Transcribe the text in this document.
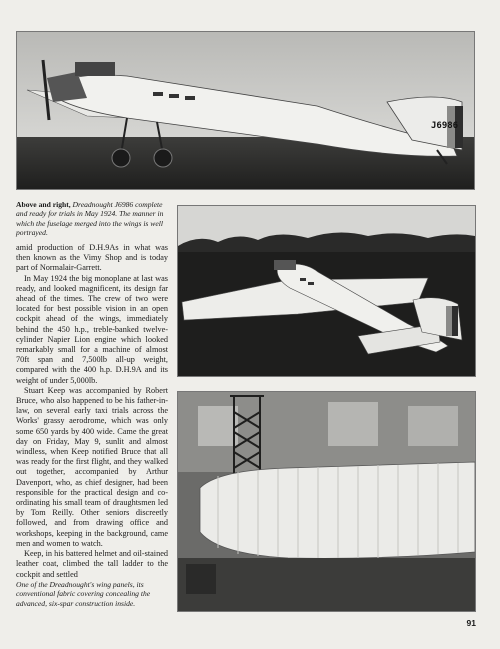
J6986
Above and right, Dreadnought J6986 complete and ready for trials in May 1924. The manner in which the fuselage merged into the wings is well portrayed.

amid production of D.H.9As in what was then known as the Vimy Shop and is today part of Normalair-Garrett.

In May 1924 the big monoplane at last was ready, and looked magnificent, its design far ahead of the times. The crew of two were located for best possible vision in an open cockpit ahead of the wings, immediately behind the 450 h.p., treble-banked twelve-cylinder Napier Lion engine which looked remarkably small for a machine of almost 70ft span and 7,500lb all-up weight, compared with the 400 h.p. D.H.9A and its weight of under 5,000lb.

Stuart Keep was accompanied by Robert Bruce, who also happened to be his father-in-law, on several early taxi trials across the Works' grassy aerodrome, which was only some 650 yards by 400 wide. Came the great day on Friday, May 9, sunlit and almost windless, when Keep notified Bruce that all was ready for the first flight, and they walked out together, accompanied by Arthur Davenport, who, as chief designer, had been responsible for the practical design and co-ordinating his small team of draughtsmen led by Tom Reilly. Other seniors discreetly followed, and from drawing office and workshops, keeping in the background, came men and women to watch.

Keep, in his battered helmet and oil-stained leather coat, climbed the tall ladder to the cockpit and settled

One of the Dreadnought's wing panels, its conventional fabric covering concealing the advanced, six-spar construction inside.
91
